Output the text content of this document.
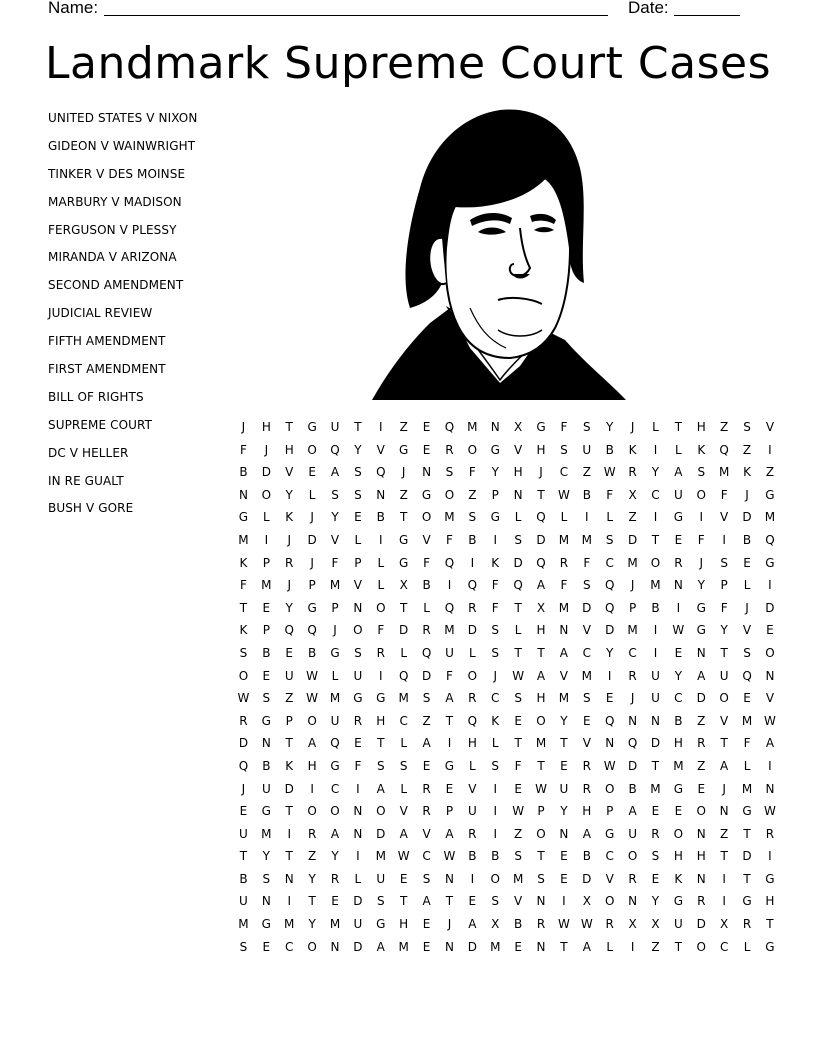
Name:	Date:
Landmark Supreme Court Cases
UNITED STATES V NIXON
GIDEON V WAINWRIGHT
TINKER V DES MOINSE
MARBURY V MADISON
FERGUSON V PLESSY
MIRANDA V ARIZONA
SECOND AMENDMENT
JUDICIAL REVIEW
FIFTH AMENDMENT
FIRST AMENDMENT
BILL OF RIGHTS
SUPREME COURT
DC V HELLER
IN RE GUALT
BUSH V GORE
J	H	T	G	U	T	I	Z	E	Q	M	N	X	G	F	S	Y	J	L	T	H	Z	S	V
F	J	H	O	Q	Y	V	G	E	R	O	G	V	H	S	U	B	K	I	L	K	Q	Z	I
B	D	V	E	A	S	Q	J	N	S	F	Y	H	J	C	Z	W	R	Y	A	S	M	K	Z
N	O	Y	L	S	S	N	Z	G	O	Z	P	N	T	W	B	F	X	C	U	O	F	J	G
G	L	K	J	Y	E	B	T	O	M	S	G	L	Q	L	I	L	Z	I	G	I	V	D	M
M	I	J	D	V	L	I	G	V	F	B	I	S	D	M	M	S	D	T	E	F	I	B	Q
K	P	R	J	F	P	L	G	F	Q	I	K	D	Q	R	F	C	M	O	R	J	S	E	G
F	M	J	P	M	V	L	X	B	I	Q	F	Q	A	F	S	Q	J	M	N	Y	P	L	I
T	E	Y	G	P	N	O	T	L	Q	R	F	T	X	M	D	Q	P	B	I	G	F	J	D
K	P	Q	Q	J	O	F	D	R	M	D	S	L	H	N	V	D	M	I	W	G	Y	V	E
S	B	E	B	G	S	R	L	Q	U	L	S	T	T	A	C	Y	C	I	E	N	T	S	O
O	E	U	W	L	U	I	Q	D	F	O	J	W	A	V	M	I	R	U	Y	A	U	Q	N
W	S	Z	W M	G	G	M	S	A	R	C	S	H	M	S	E	J	U	C	D	O	E	V
R	G	P	O	U	R	H	C	Z	T	Q	K	E	O	Y	E	Q	N	N	B	Z	V	M W
D	N	T	A	Q	E	T	L	A	I	H	L	T	M	T	V	N	Q	D	H	R	T	F	A
Q	B	K	H	G	F	S	S	E	G	L	S	F	T	E	R	W	D	T	M	Z	A	L	I
J	U	D	I	C	I	A	L	R	E	V	I	E	W	U	R	O	B	M	G	E	J	M	N
E	G	T	O	O	N	O	V	R	P	U	I	W	P	Y	H	P	A	E	E	O	N	G	W
U	M	I	R	A	N	D	A	V	A	R	I	Z	O	N	A	G	U	R	O	N	Z	T	R
T	Y	T	Z	Y	I	M W	C	W	B	B	S	T	E	B	C	O	S	H	H	T	D	I
B	S	N	Y	R	L	U	E	S	N	I	O	M	S	E	D	V	R	E	K	N	I	T	G
U	N	I	T	E	D	S	T	A	T	E	S	V	N	I	X	O	N	Y	G	R	I	G	H
M	G	M	Y	M	U	G	H	E	J	A	X	B	R	W W	R	X	X	U	D	X	R	T
S	E	C	O	N	D	A	M	E	N	D	M	E	N	T	A	L	I	Z	T	O	C	L	G
